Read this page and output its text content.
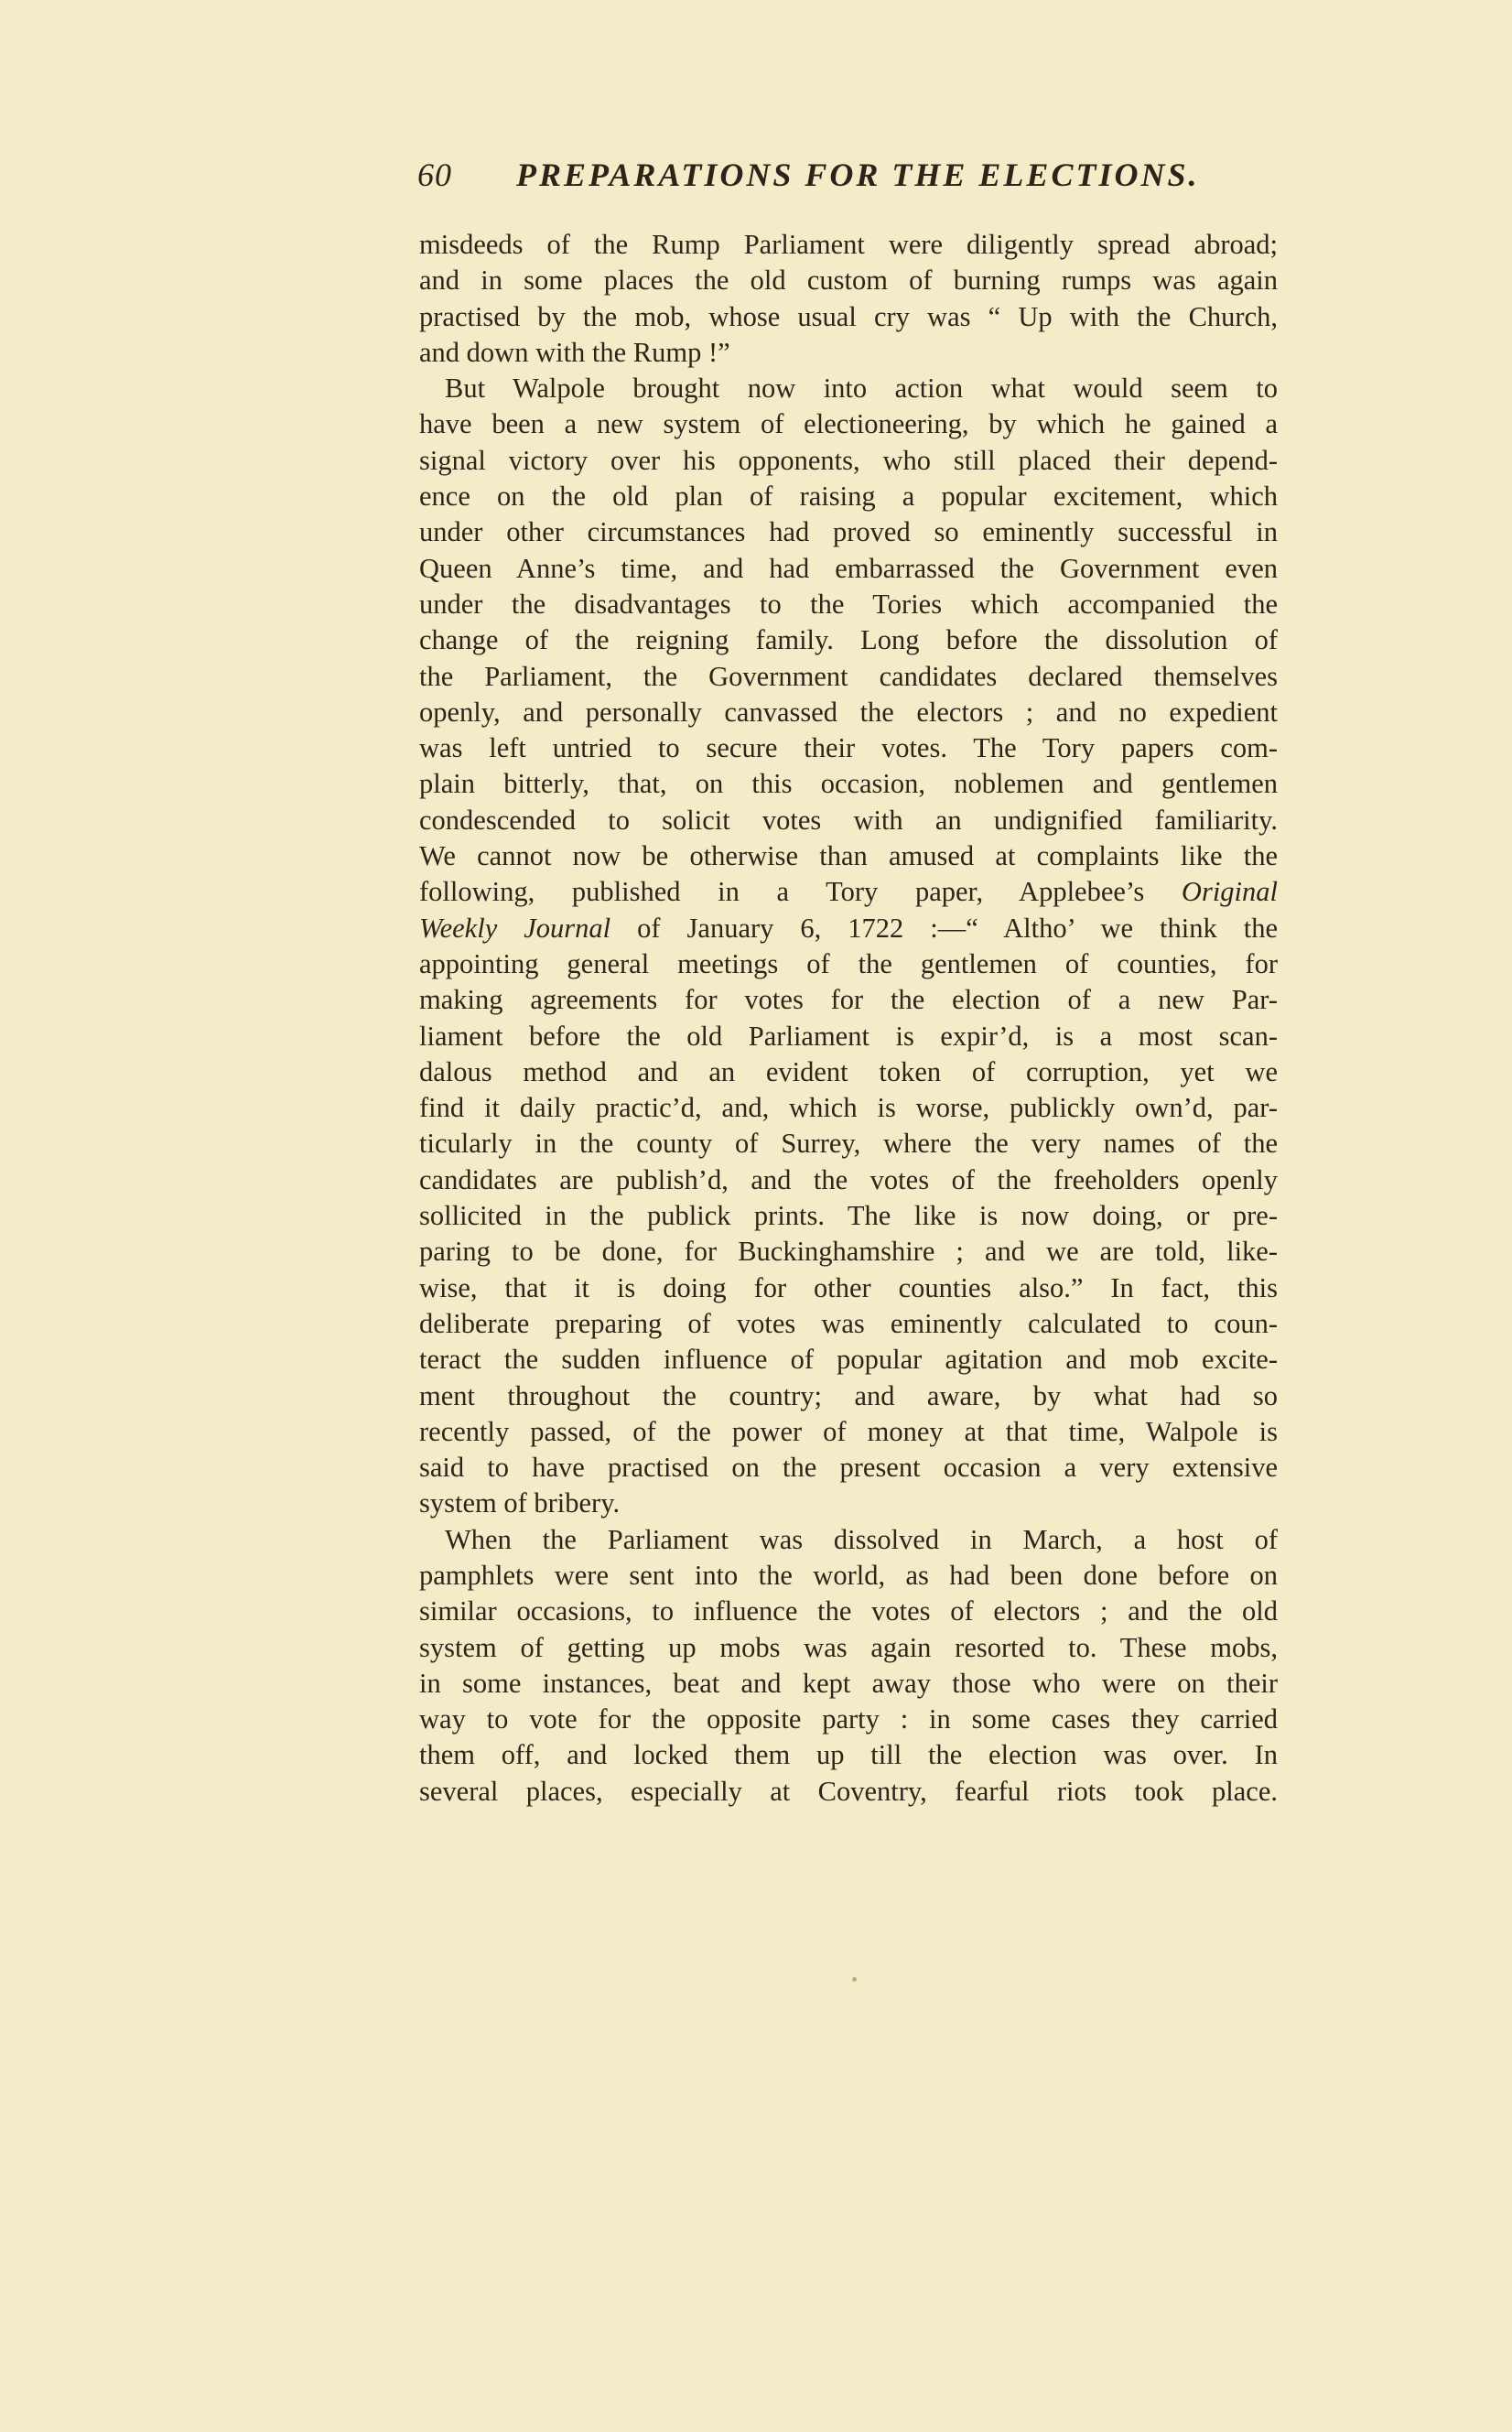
60 PREPARATIONS FOR THE ELECTIONS.
misdeeds of the Rump Parliament were diligently spread abroad;
and in some places the old custom of burning rumps was again
practised by the mob, whose usual cry was “ Up with the Church,
and down with the Rump !”
But Walpole brought now into action what would seem to
have been a new system of electioneering, by which he gained a
signal victory over his opponents, who still placed their depend-
ence on the old plan of raising a popular excitement, which
under other circumstances had proved so eminently successful in
Queen Anne’s time, and had embarrassed the Government even
under the disadvantages to the Tories which accompanied the
change of the reigning family. Long before the dissolution of
the Parliament, the Government candidates declared themselves
openly, and personally canvassed the electors ; and no expedient
was left untried to secure their votes. The Tory papers com-
plain bitterly, that, on this occasion, noblemen and gentlemen
condescended to solicit votes with an undignified familiarity.
We cannot now be otherwise than amused at complaints like the
following, published in a Tory paper, Applebee’s Original
Weekly Journal of January 6, 1722 :—“ Altho’ we think the
appointing general meetings of the gentlemen of counties, for
making agreements for votes for the election of a new Par-
liament before the old Parliament is expir’d, is a most scan-
dalous method and an evident token of corruption, yet we
find it daily practic’d, and, which is worse, publickly own’d, par-
ticularly in the county of Surrey, where the very names of the
candidates are publish’d, and the votes of the freeholders openly
sollicited in the publick prints. The like is now doing, or pre-
paring to be done, for Buckinghamshire ; and we are told, like-
wise, that it is doing for other counties also.” In fact, this
deliberate preparing of votes was eminently calculated to coun-
teract the sudden influence of popular agitation and mob excite-
ment throughout the country; and aware, by what had so
recently passed, of the power of money at that time, Walpole is
said to have practised on the present occasion a very extensive
system of bribery.
When the Parliament was dissolved in March, a host of
pamphlets were sent into the world, as had been done before on
similar occasions, to influence the votes of electors ; and the old
system of getting up mobs was again resorted to. These mobs,
in some instances, beat and kept away those who were on their
way to vote for the opposite party : in some cases they carried
them off, and locked them up till the election was over. In
several places, especially at Coventry, fearful riots took place.
